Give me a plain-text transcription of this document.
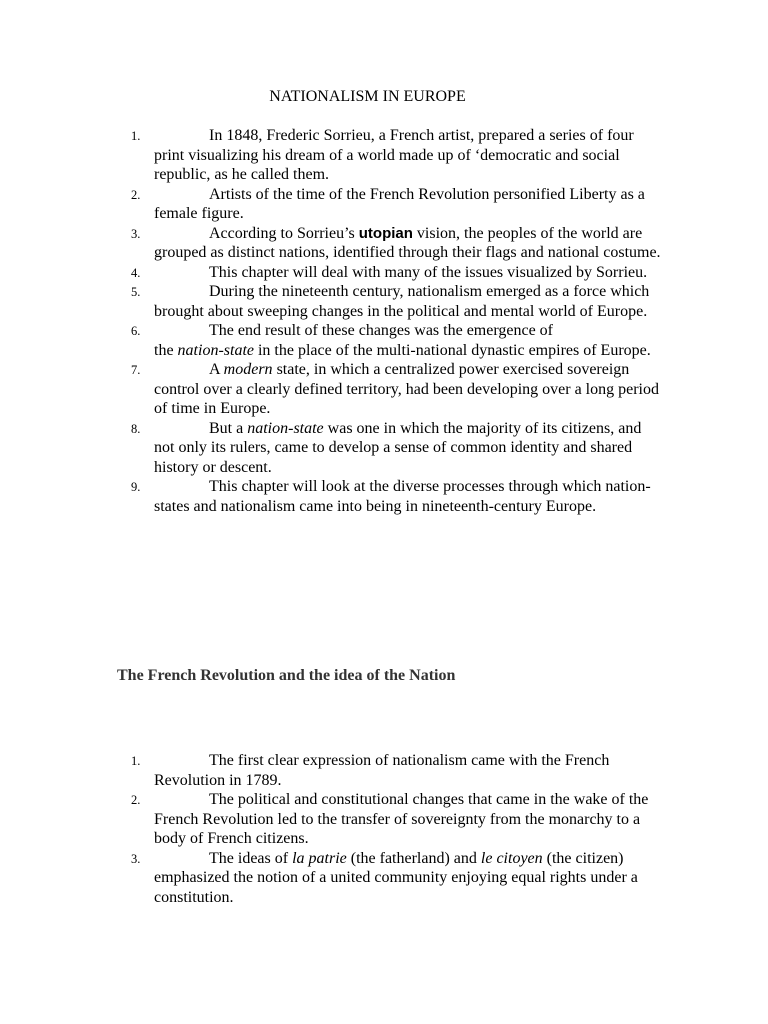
NATIONALISM IN EUROPE
1.	In 1848, Frederic Sorrieu, a French artist, prepared a series of four print visualizing his dream of a world made up of ‘democratic and social republic, as he called them.
2.	Artists of the time of the French Revolution personified Liberty as a female figure.
3.	According to Sorrieu’s utopian vision, the peoples of the world are grouped as distinct nations, identified through their flags and national costume.
4.	This chapter will deal with many of the issues visualized by Sorrieu.
5.	During the nineteenth century, nationalism emerged as a force which brought about sweeping changes in the political and mental world of Europe.
6.	The end result of these changes was the emergence of
the nation-state in the place of the multi-national dynastic empires of Europe.
7.	A modern state, in which a centralized power exercised sovereign control over a clearly defined territory, had been developing over a long period of time in Europe.
8.	But a nation-state was one in which the majority of its citizens, and not only its rulers, came to develop a sense of common identity and shared history or descent.
9.	This chapter will look at the diverse processes through which nation-states and nationalism came into being in nineteenth-century Europe.
The French Revolution and the idea of the Nation
1.	The first clear expression of nationalism came with the French Revolution in 1789.
2.	The political and constitutional changes that came in the wake of the French Revolution led to the transfer of sovereignty from the monarchy to a body of French citizens.
3.	The ideas of la patrie (the fatherland) and le citoyen (the citizen) emphasized the notion of a united community enjoying equal rights under a constitution.
